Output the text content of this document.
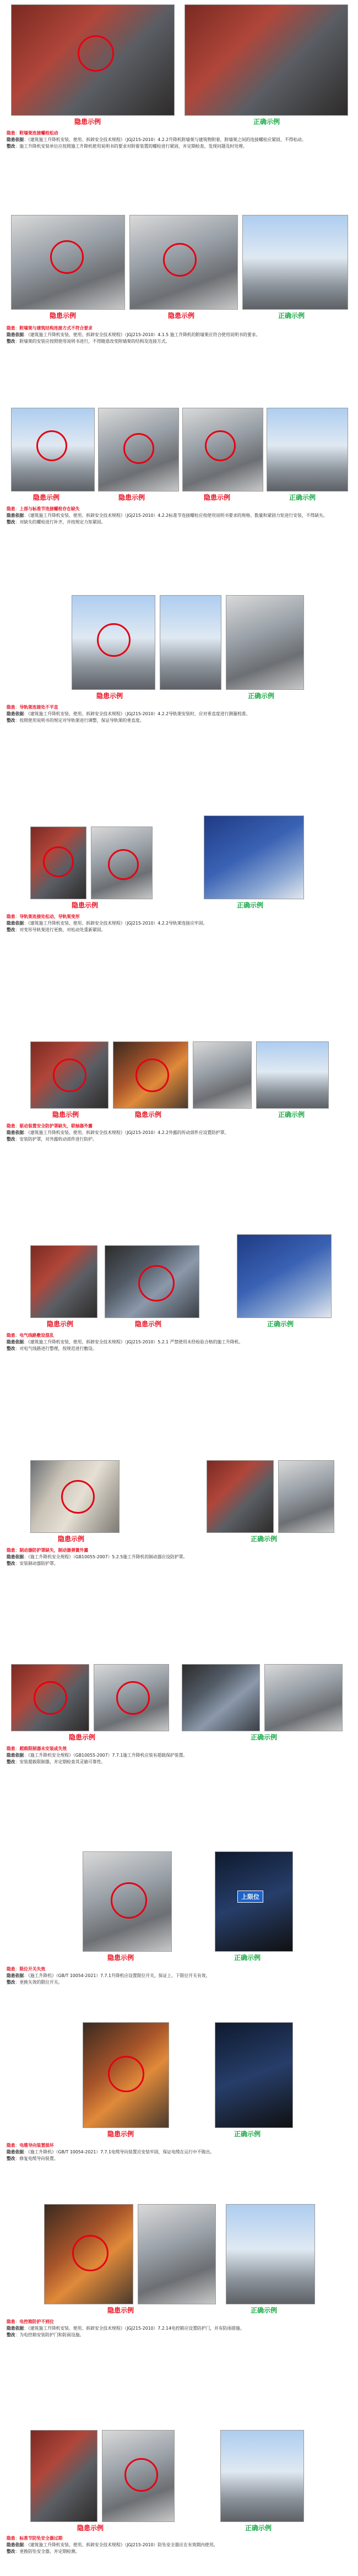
隐患示例	正确示例

隐患：附墙架连接螺栓松动

隐患依据：《建筑施工升降机安装、使用、拆卸安全技术规程》（JGJ215-2010）4.2.2升降机附墙架与建筑物附着，附墙架之间的连接螺栓应紧固，不得松动。

整改：施工升降机安装单位应按照施工升降机使用说明书的要求对附着装置的螺栓进行紧固，并定期检查，发现问题及时处理。

隐患示例	隐患示例	正确示例

隐患：附墙架与建筑结构连接方式不符合要求

隐患依据：《建筑施工升降机安装、使用、拆卸安全技术规程》（JGJ215-2010）4.1.5 施工升降机的附墙架应符合使用说明书的要求。

整改：附墙架的安装应按照使用说明书进行，不得随意改变附墙架的结构及连接方式。

隐患示例	隐患示例	隐患示例	正确示例

隐患：上部与标准节连接螺栓存在缺失

隐患依据：《建筑施工升降机安装、使用、拆卸安全技术规程》（JGJ215-2010）4.2.2标准节连接螺栓应按使用说明书要求的规格、数量和紧固力矩进行安装，不得缺失。

整改：对缺失的螺栓进行补齐，并按规定力矩紧固。

隐患示例	正确示例

隐患：导轨架连接处不平直

隐患依据：《建筑施工升降机安装、使用、拆卸安全技术规程》（JGJ215-2010）4.2.2导轨架安装时，应对垂直度进行测量校准。

整改：按照使用说明书的规定对导轨架进行调整，保证导轨架的垂直度。

隐患示例	正确示例

隐患：导轨架连接处松动、导轨架变形

隐患依据：《建筑施工升降机安装、使用、拆卸安全技术规程》（JGJ215-2010）4.2.2导轨架连接应牢固。

整改：对变形导轨架进行更换，对松动处重新紧固。

隐患示例	隐患示例	正确示例

隐患：驱动装置安全防护罩缺失，联轴器外露

隐患依据：《建筑施工升降机安装、使用、拆卸安全技术规程》（JGJ215-2010）4.2.2外露的传动部件应设置防护罩。

整改：安装防护罩，对外露转动部件进行防护。

隐患示例	隐患示例	正确示例

隐患：电气线路敷设混乱

隐患依据：《建筑施工升降机安装、使用、拆卸安全技术规程》（JGJ215-2010）5.2.1 严禁使用未经检验合格的施工升降机。

整改：对电气线路进行整理，按规范进行敷设。

隐患示例	正确示例

隐患：制动器防护罩缺失，制动器弹簧外露

隐患依据：《施工升降机安全规程》（GB10055-2007）5.2.5施工升降机的制动器应设防护罩。

整改：安装制动器防护罩。

隐患示例	正确示例

隐患：超载限制器未安装或失效

隐患依据：《施工升降机安全规程》（GB10055-2007）7.7.1施工升降机应装有超载保护装置。

整改：安装超载限制器，并定期检查其灵敏可靠性。

上限位
隐患示例	正确示例

隐患：限位开关失效

隐患依据：《施工升降机》（GB/T 10054-2021）7.7.1升降机应设置限位开关，保证上、下限位开关有效。

整改：更换失效的限位开关。

隐患示例	正确示例

隐患：电缆导向装置损坏

隐患依据：《施工升降机》（GB/T 10054-2021）7.7.1电缆导向装置应安装牢固，保证电缆在运行中不脱出。

整改：修复电缆导向装置。

隐患示例	正确示例

隐患：电控箱防护不到位

隐患依据：《建筑施工升降机安装、使用、拆卸安全技术规程》（JGJ215-2010）7.2.14电控箱应设置防护门，并有防雨措施。

整改：为电控箱安装防护门和防雨设施。

隐患示例	正确示例

隐患：标准节防坠安全器过期

隐患依据：《建筑施工升降机安装、使用、拆卸安全技术规程》（JGJ215-2010）防坠安全器应在有效期内使用。

整改：更换防坠安全器，并定期检测。
